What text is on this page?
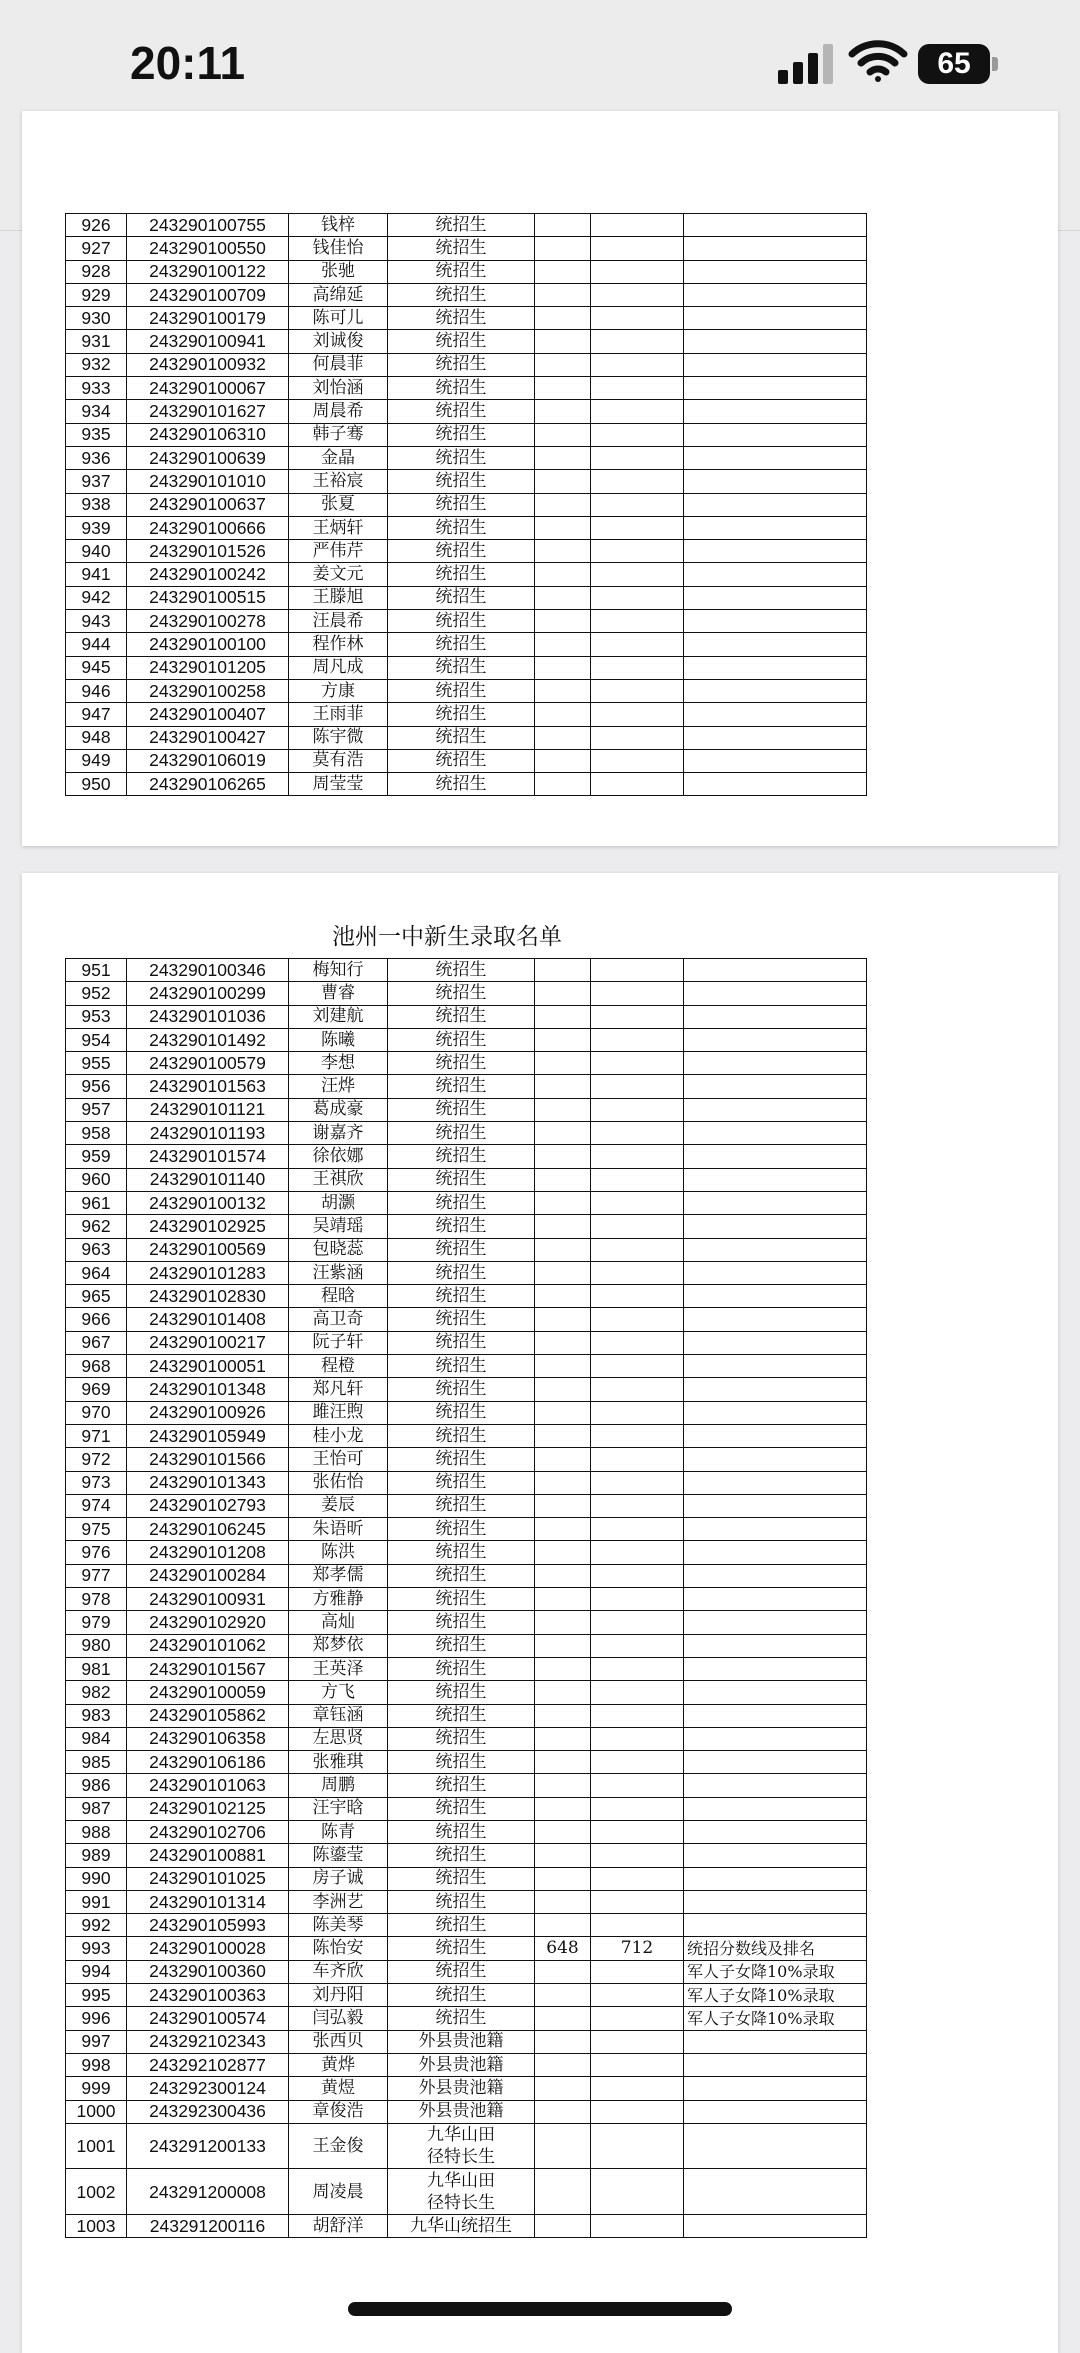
20:11	65
926	243290100755	钱梓	统招生			
927	243290100550	钱佳怡	统招生			
928	243290100122	张驰	统招生			
929	243290100709	高绵延	统招生			
930	243290100179	陈可儿	统招生			
931	243290100941	刘诚俊	统招生			
932	243290100932	何晨菲	统招生			
933	243290100067	刘怡涵	统招生			
934	243290101627	周晨希	统招生			
935	243290106310	韩子骞	统招生			
936	243290100639	金晶	统招生			
937	243290101010	王裕宸	统招生			
938	243290100637	张夏	统招生			
939	243290100666	王炳轩	统招生			
940	243290101526	严伟芹	统招生			
941	243290100242	姜文元	统招生			
942	243290100515	王滕旭	统招生			
943	243290100278	汪晨希	统招生			
944	243290100100	程作林	统招生			
945	243290101205	周凡成	统招生			
946	243290100258	方康	统招生			
947	243290100407	王雨菲	统招生			
948	243290100427	陈宇微	统招生			
949	243290106019	莫有浩	统招生			
950	243290106265	周莹莹	统招生			
池州一中新生录取名单
951	243290100346	梅知行	统招生			
952	243290100299	曹睿	统招生			
953	243290101036	刘建航	统招生			
954	243290101492	陈曦	统招生			
955	243290100579	李想	统招生			
956	243290101563	汪烨	统招生			
957	243290101121	葛成豪	统招生			
958	243290101193	谢嘉齐	统招生			
959	243290101574	徐依娜	统招生			
960	243290101140	王祺欣	统招生			
961	243290100132	胡灏	统招生			
962	243290102925	吴靖瑶	统招生			
963	243290100569	包晓蕊	统招生			
964	243290101283	汪紫涵	统招生			
965	243290102830	程晗	统招生			
966	243290101408	高卫奇	统招生			
967	243290100217	阮子轩	统招生			
968	243290100051	程橙	统招生			
969	243290101348	郑凡轩	统招生			
970	243290100926	雎汪煦	统招生			
971	243290105949	桂小龙	统招生			
972	243290101566	王怡可	统招生			
973	243290101343	张佑怡	统招生			
974	243290102793	姜辰	统招生			
975	243290106245	朱语昕	统招生			
976	243290101208	陈洪	统招生			
977	243290100284	郑孝儒	统招生			
978	243290100931	方雅静	统招生			
979	243290102920	高灿	统招生			
980	243290101062	郑梦依	统招生			
981	243290101567	王英泽	统招生			
982	243290100059	方飞	统招生			
983	243290105862	章钰涵	统招生			
984	243290106358	左思贤	统招生			
985	243290106186	张雅琪	统招生			
986	243290101063	周鹏	统招生			
987	243290102125	汪宇晗	统招生			
988	243290102706	陈青	统招生			
989	243290100881	陈鎏莹	统招生			
990	243290101025	房子诚	统招生			
991	243290101314	李洲艺	统招生			
992	243290105993	陈美琴	统招生			
993	243290100028	陈怡安	统招生	648	712	统招分数线及排名
994	243290100360	车齐欣	统招生			军人子女降10%录取
995	243290100363	刘丹阳	统招生			军人子女降10%录取
996	243290100574	闫弘毅	统招生			军人子女降10%录取
997	243292102343	张西贝	外县贵池籍			
998	243292102877	黄烨	外县贵池籍			
999	243292300124	黄煜	外县贵池籍			
1000	243292300436	章俊浩	外县贵池籍			
1001	243291200133	王金俊	九华山田
径特长生			
1002	243291200008	周凌晨	九华山田
径特长生			
1003	243291200116	胡舒洋	九华山统招生			
